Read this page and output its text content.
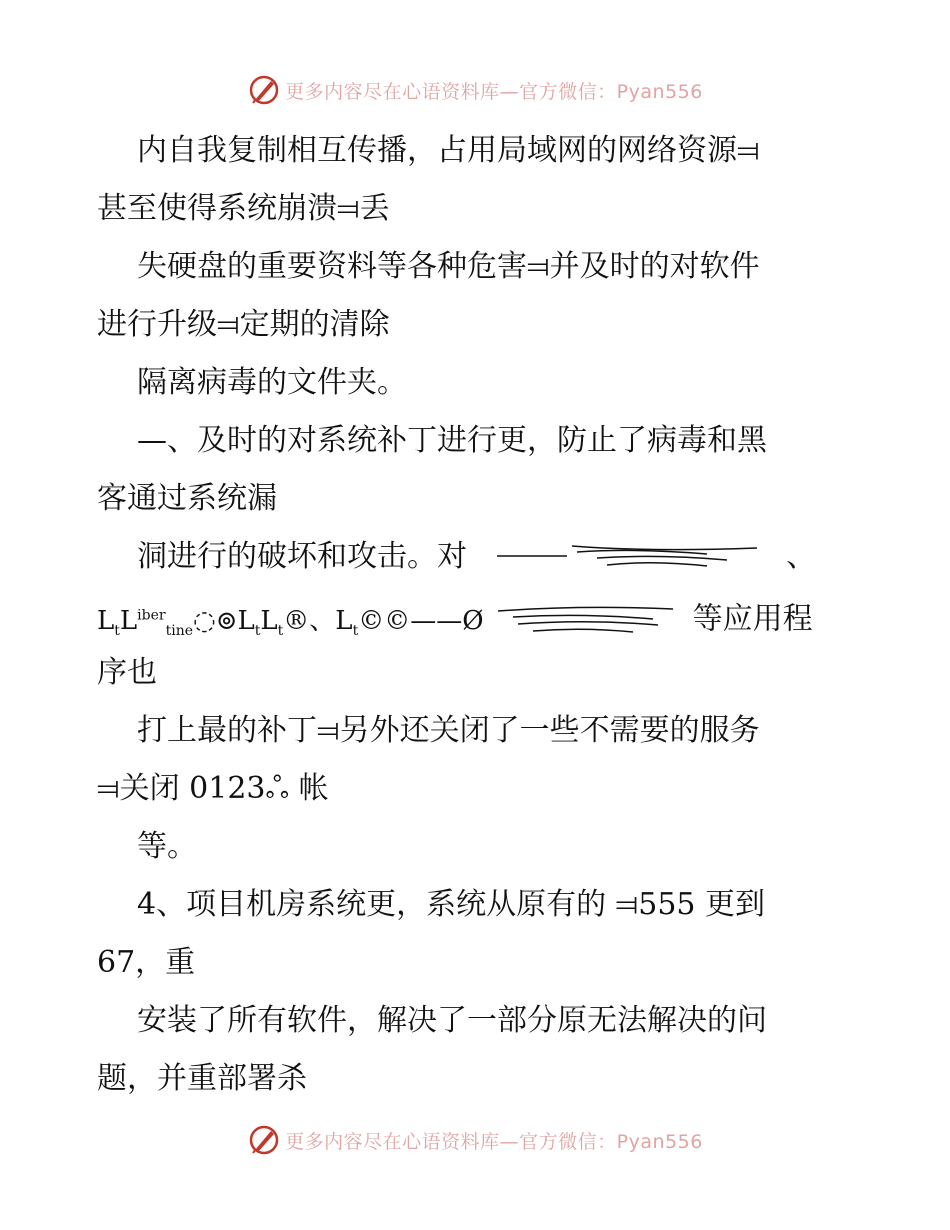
更多内容尽在心语资料库—官方微信：Pyan556
内自我复制相互传播，占用局域网的网络资源⫤
甚至使得系统崩溃⫤丢
失硬盘的重要资料等各种危害⫤并及时的对软件
进行升级⫤定期的清除
隔离病毒的文件夹。
—、及时的对系统补丁进行更，防止了病毒和黑
客通过系统漏
洞进行的破坏和攻击。对	、
$L_tL^{iber}_{tine}◌⊚L_tL_t®$、$L_t©©——Ø$	等应用程
序也
打上最的补丁⫤另外还关闭了一些不需要的服务
⫤关闭 0123ஃ 帐
等。
4、项目机房系统更，系统从原有的 ⫤555 更到
67，重
安装了所有软件，解决了一部分原无法解决的问
题，并重部署杀
更多内容尽在心语资料库—官方微信：Pyan556
